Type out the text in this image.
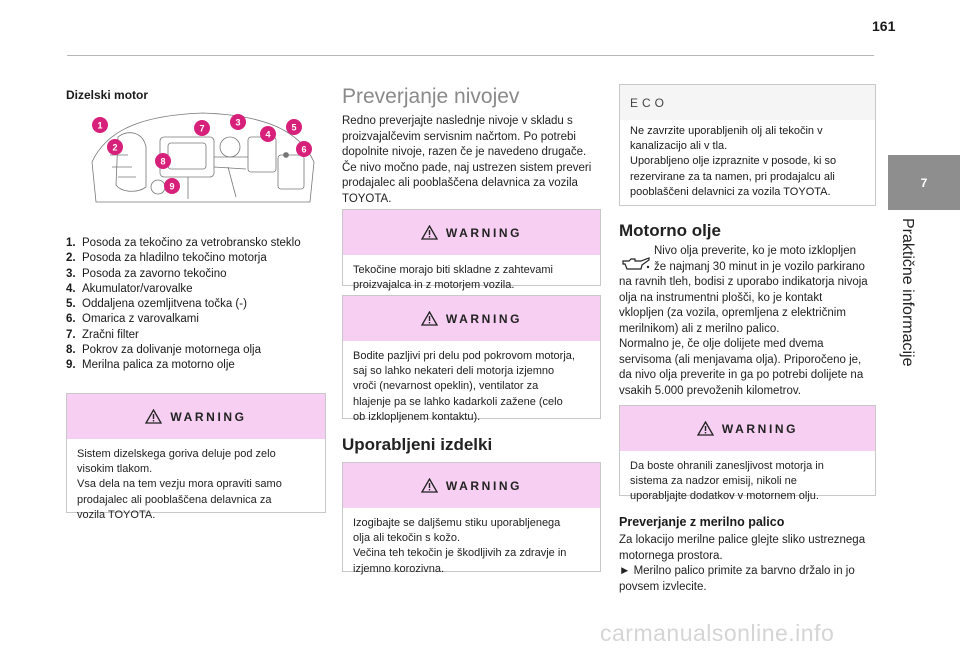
161
7
Praktične informacije
Dizelski motor
1
2
3
4
5
6
7
8
9
1. Posoda za tekočino za vetrobransko steklo
2. Posoda za hladilno tekočino motorja
3. Posoda za zavorno tekočino
4. Akumulator/varovalke
5. Oddaljena ozemljitvena točka (-)
6. Omarica z varovalkami
7. Zračni filter
8. Pokrov za dolivanje motornega olja
9. Merilna palica za motorno olje
WARNING
Sistem dizelskega goriva deluje pod zelo
visokim tlakom.
Vsa dela na tem vezju mora opraviti samo
prodajalec ali pooblaščena delavnica za
vozila TOYOTA.
Preverjanje nivojev
Redno preverjajte naslednje nivoje v skladu s
proizvajalčevim servisnim načrtom. Po potrebi
dopolnite nivoje, razen če je navedeno drugače.
Če nivo močno pade, naj ustrezen sistem preveri
prodajalec ali pooblaščena delavnica za vozila
TOYOTA.
WARNING
Tekočine morajo biti skladne z zahtevami
proizvajalca in z motorjem vozila.
WARNING
Bodite pazljivi pri delu pod pokrovom motorja,
saj so lahko nekateri deli motorja izjemno
vroči (nevarnost opeklin), ventilator za
hlajenje pa se lahko kadarkoli zažene (celo
ob izklopljenem kontaktu).
Uporabljeni izdelki
WARNING
Izogibajte se daljšemu stiku uporabljenega
olja ali tekočin s kožo.
Večina teh tekočin je škodljivih za zdravje in
izjemno korozivna.
ECO
Ne zavrzite uporabljenih olj ali tekočin v
kanalizacijo ali v tla.
Uporabljeno olje izpraznite v posode, ki so
rezervirane za ta namen, pri prodajalcu ali
pooblaščeni delavnici za vozila TOYOTA.
Motorno olje
Nivo olja preverite, ko je moto izklopljen
že najmanj 30 minut in je vozilo parkirano
na ravnih tleh, bodisi z uporabo indikatorja nivoja
olja na instrumentni plošči, ko je kontakt
vklopljen (za vozila, opremljena z električnim
merilnikom) ali z merilno palico.
Normalno je, če olje dolijete med dvema
servisoma (ali menjavama olja). Priporočeno je,
da nivo olja preverite in ga po potrebi dolijete na
vsakih 5.000 prevoženih kilometrov.
WARNING
Da boste ohranili zanesljivost motorja in
sistema za nadzor emisij, nikoli ne
uporabljajte dodatkov v motornem olju.
Preverjanje z merilno palico
Za lokacijo merilne palice glejte sliko ustreznega
motornega prostora.
► Merilno palico primite za barvno držalo in jo
povsem izvlecite.
carmanualsonline.info
